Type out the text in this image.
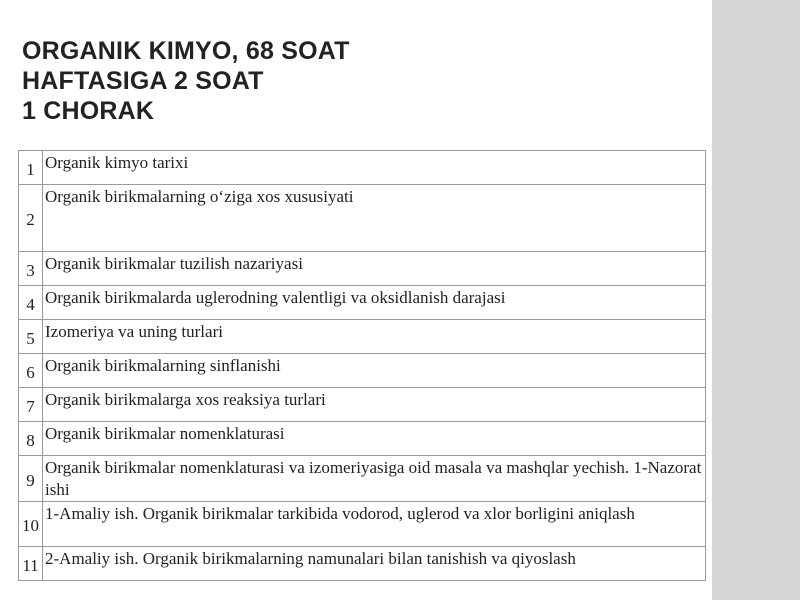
ORGANIK KIMYO, 68 SOAT
HAFTASIGA 2 SOAT
1 CHORAK
1	Organik kimyo tarixi
2	Organik birikmalarning o‘ziga xos xususiyati
3	Organik birikmalar tuzilish nazariyasi
4	Organik birikmalarda uglerodning valentligi va oksidlanish darajasi
5	Izomeriya va uning turlari
6	Organik birikmalarning sinflanishi
7	Organik birikmalarga xos reaksiya turlari
8	Organik birikmalar nomenklaturasi
9	Organik birikmalar nomenklaturasi va izomeriyasiga oid masala va mashqlar yechish. 1-Nazorat ishi
10	1-Amaliy ish. Organik birikmalar tarkibida vodorod, uglerod va xlor borligini aniqlash
11	2-Amaliy ish. Organik birikmalarning namunalari bilan tanishish va qiyoslash
